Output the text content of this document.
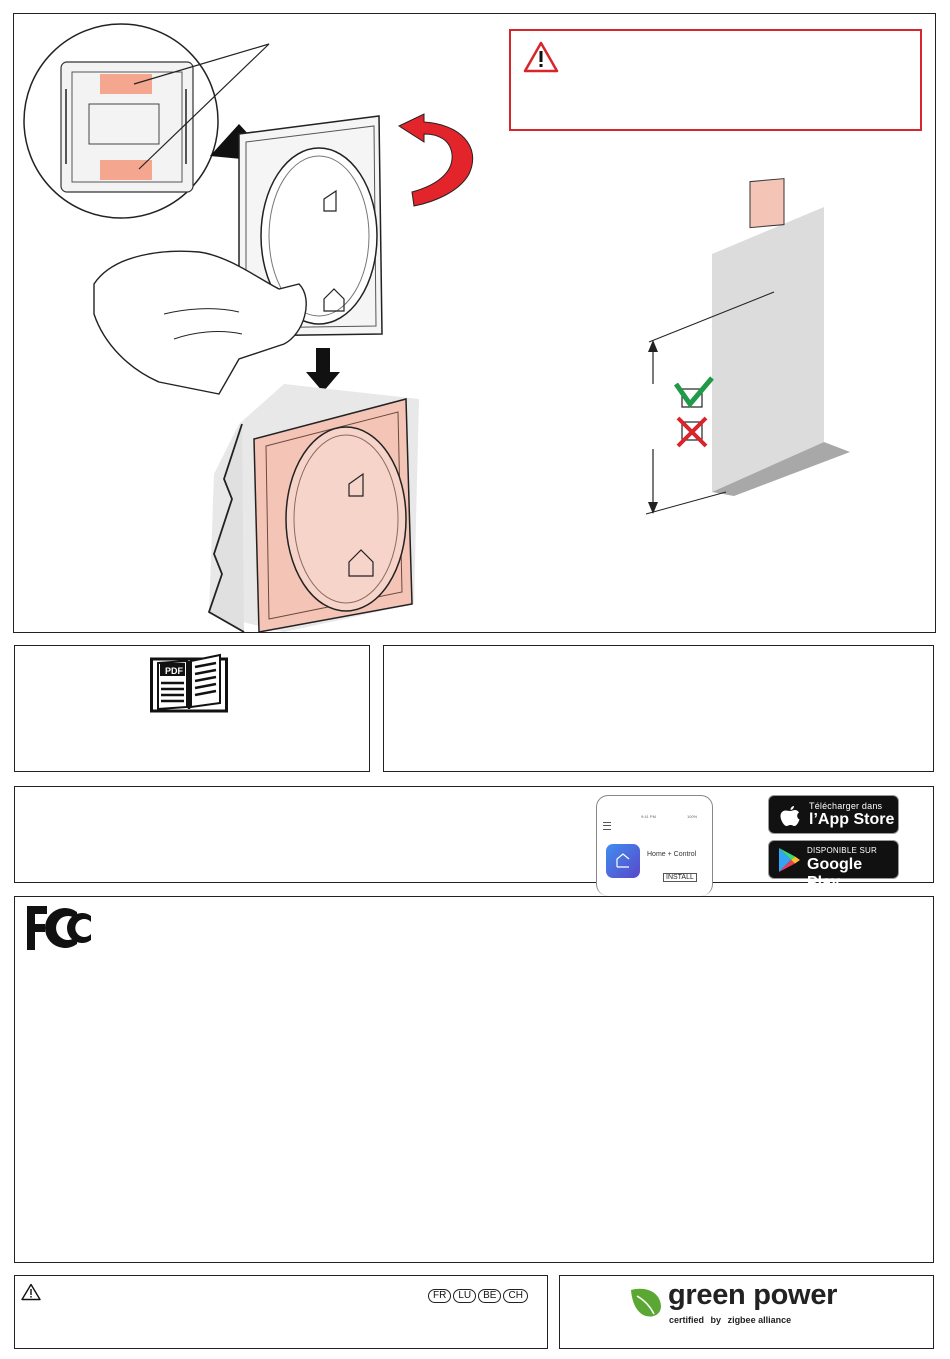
PDF
9:41 PM	100%
Home + Control
INSTALL
Télécharger dans
l’App Store
DISPONIBLE SUR
Google Play
FR LU BE CH	green power
certified by zigbee alliance
